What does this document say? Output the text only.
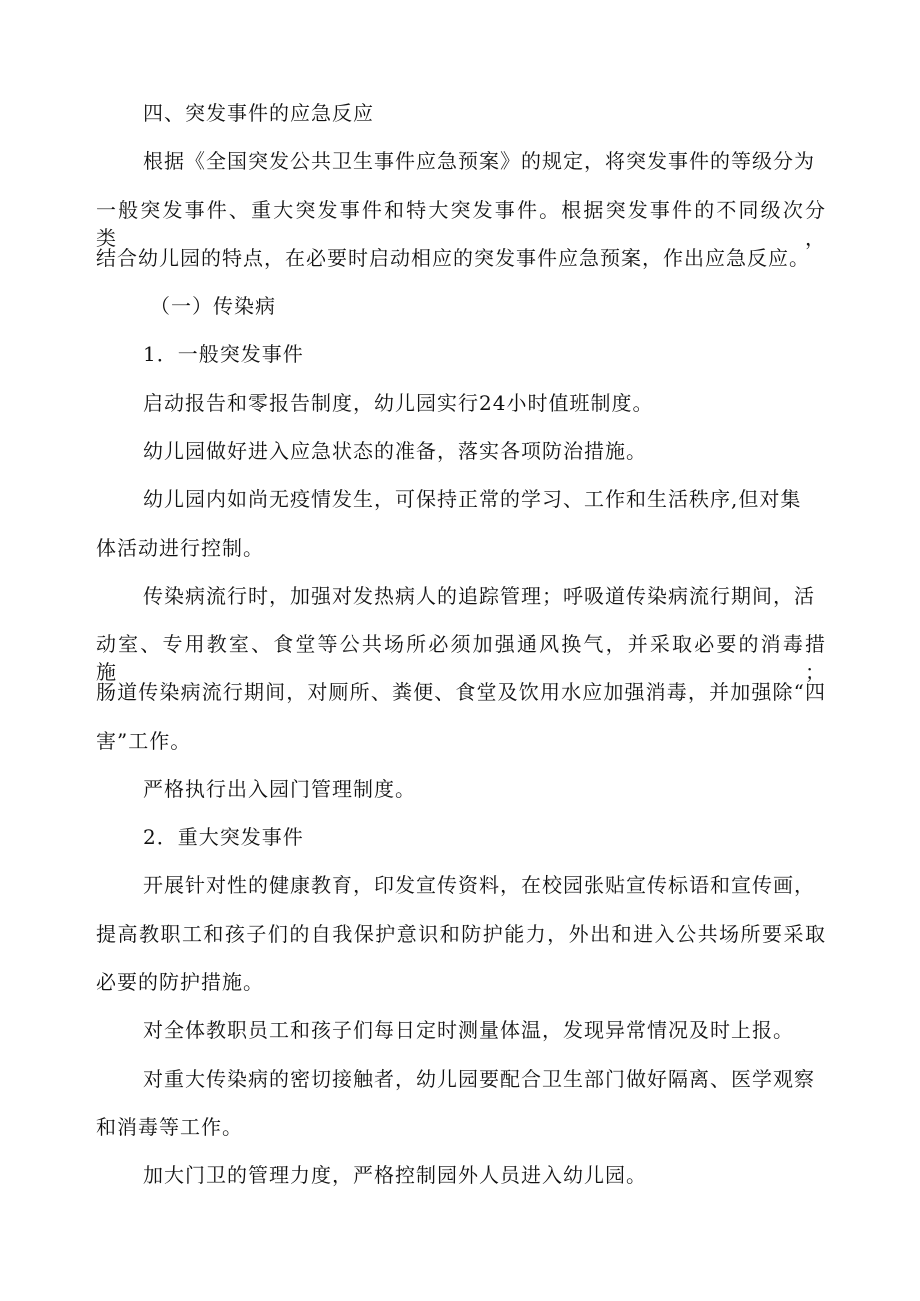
四、突发事件的应急反应
根据《全国突发公共卫生事件应急预案》的规定，将突发事件的等级分为
一般突发事件、重大突发事件和特大突发事件。根据突发事件的不同级次分类，
结合幼儿园的特点，在必要时启动相应的突发事件应急预案，作出应急反应。
（一）传染病
1．一般突发事件
启动报告和零报告制度，幼儿园实行24小时值班制度。
幼儿园做好进入应急状态的准备，落实各项防治措施。
幼儿园内如尚无疫情发生，可保持正常的学习、工作和生活秩序,但对集
体活动进行控制。
传染病流行时，加强对发热病人的追踪管理；呼吸道传染病流行期间，活
动室、专用教室、食堂等公共场所必须加强通风换气，并采取必要的消毒措施；
肠道传染病流行期间，对厕所、粪便、食堂及饮用水应加强消毒，并加强除“四
害”工作。
严格执行出入园门管理制度。
2．重大突发事件
开展针对性的健康教育，印发宣传资料，在校园张贴宣传标语和宣传画，
提高教职工和孩子们的自我保护意识和防护能力，外出和进入公共场所要采取
必要的防护措施。
对全体教职员工和孩子们每日定时测量体温，发现异常情况及时上报。
对重大传染病的密切接触者，幼儿园要配合卫生部门做好隔离、医学观察
和消毒等工作。
加大门卫的管理力度，严格控制园外人员进入幼儿园。
